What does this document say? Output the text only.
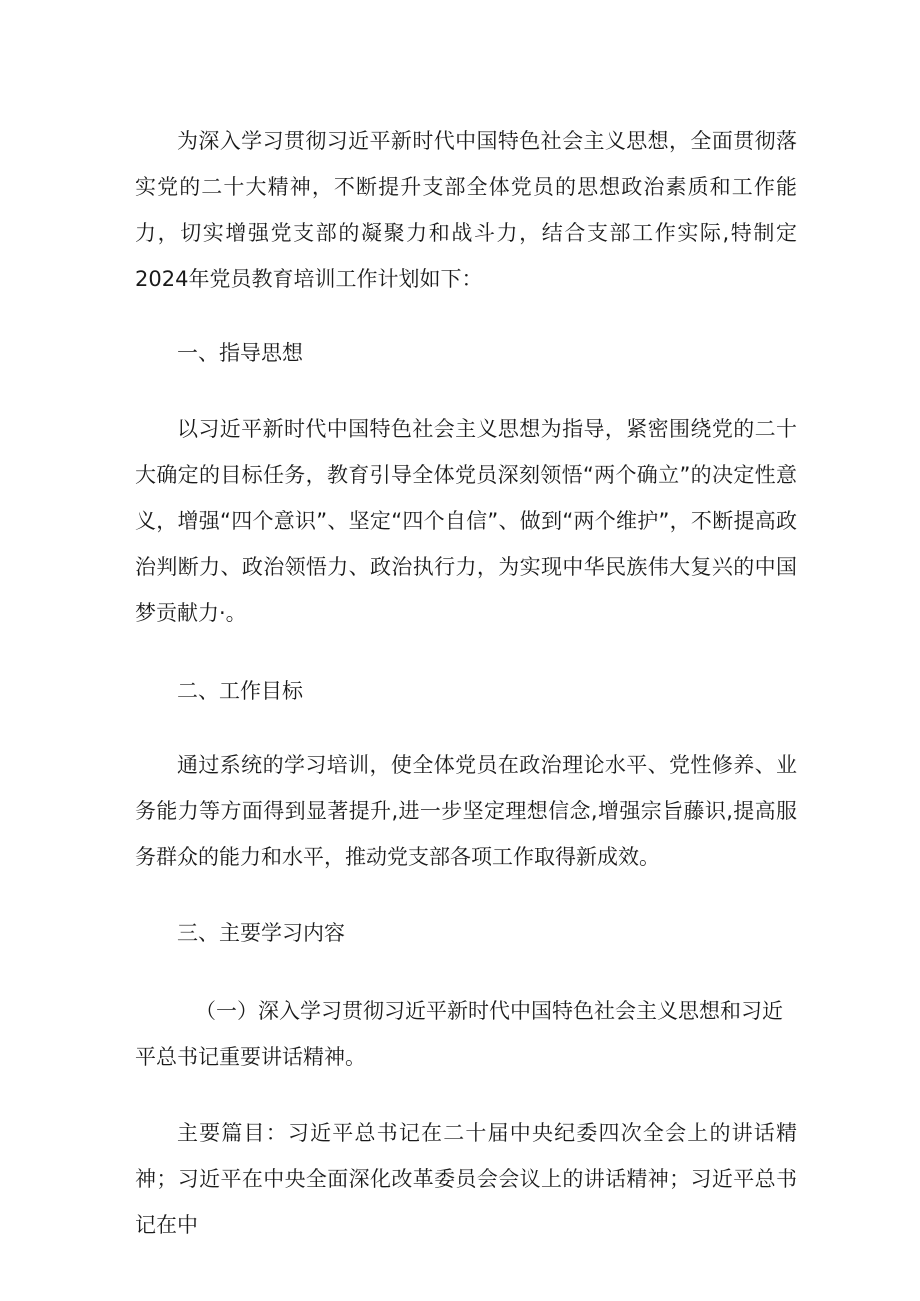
为深入学习贯彻习近平新时代中国特色社会主义思想，全面贯彻落实党的二十大精神，不断提升支部全体党员的思想政治素质和工作能力，切实增强党支部的凝聚力和战斗力，结合支部工作实际,特制定2024年党员教育培训工作计划如下：

一、指导思想

以习近平新时代中国特色社会主义思想为指导，紧密围绕党的二十大确定的目标任务，教育引导全体党员深刻领悟“两个确立”的决定性意义，增强“四个意识”、坚定“四个自信”、做到“两个维护”，不断提高政治判断力、政治领悟力、政治执行力，为实现中华民族伟大复兴的中国梦贡献力·。

二、工作目标

通过系统的学习培训，使全体党员在政治理论水平、党性修养、业务能力等方面得到显著提升,进一步坚定理想信念,增强宗旨藤识,提高服务群众的能力和水平，推动党支部各项工作取得新成效。

三、主要学习内容

（一）深入学习贯彻习近平新时代中国特色社会主义思想和习近平总书记重要讲话精神。

主要篇目：习近平总书记在二十届中央纪委四次全会上的讲话精神；习近平在中央全面深化改革委员会会议上的讲话精神；习近平总书记在中
